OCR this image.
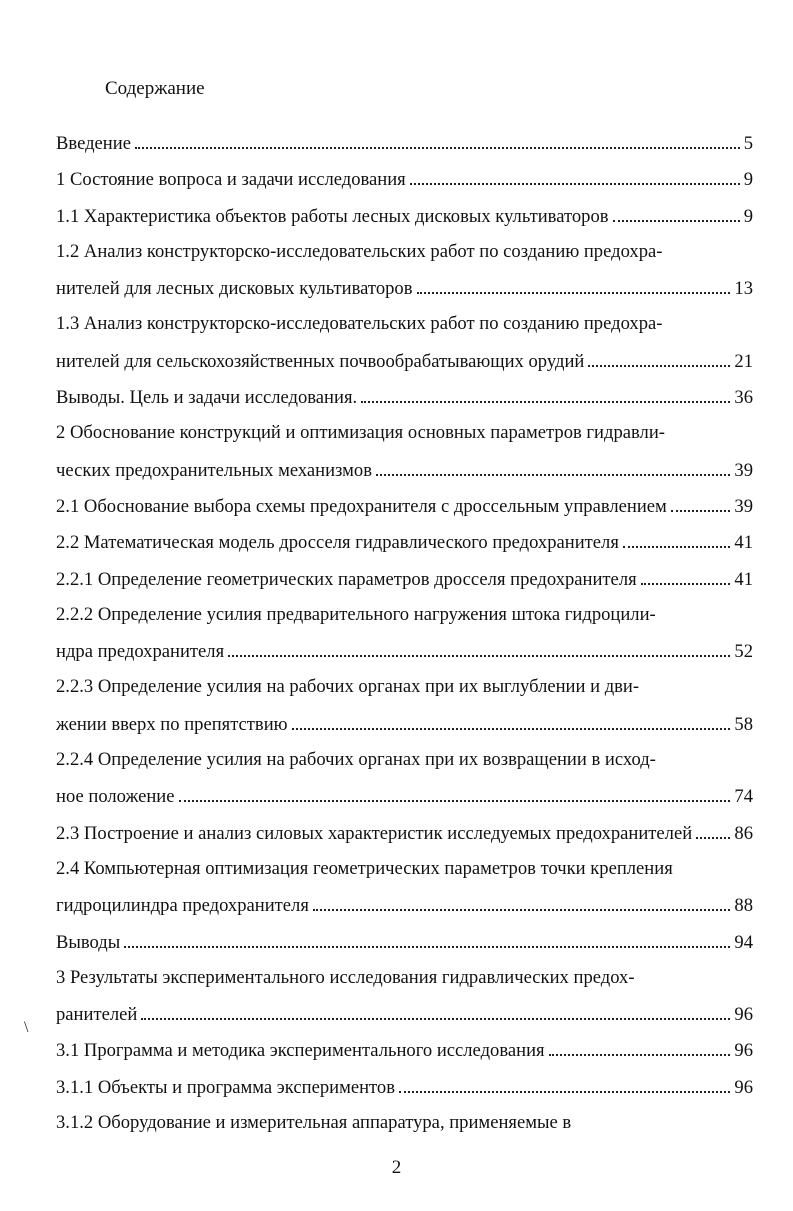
Содержание
Введение	5
1 Состояние вопроса и задачи исследования	9
1.1 Характеристика объектов работы лесных дисковых культиваторов	9
1.2 Анализ конструкторско-исследовательских работ по созданию предохра-
нителей для лесных дисковых культиваторов	13
1.3 Анализ конструкторско-исследовательских работ по созданию предохра-
нителей для сельскохозяйственных почвообрабатывающих орудий	21
Выводы. Цель и задачи исследования.	36
2 Обоснование конструкций и оптимизация основных параметров гидравли-
ческих предохранительных механизмов	39
2.1 Обоснование выбора схемы предохранителя с дроссельным управлением	39
2.2 Математическая модель дросселя гидравлического предохранителя	41
2.2.1 Определение геометрических параметров дросселя предохранителя	41
2.2.2 Определение усилия предварительного нагружения штока гидроцили-
ндра предохранителя	52
2.2.3 Определение усилия на рабочих органах при их выглублении и дви-
жении вверх по препятствию	58
2.2.4 Определение усилия на рабочих органах при их возвращении в исход-
ное положение	74
2.3 Построение и анализ силовых характеристик исследуемых предохранителей 86
2.4 Компьютерная оптимизация геометрических параметров точки крепления
гидроцилиндра предохранителя	88
Выводы	94
3 Результаты экспериментального исследования гидравлических предох-
ранителей	96
3.1 Программа и методика экспериментального исследования	96
3.1.1 Объекты и программа экспериментов	96
3.1.2 Оборудование и измерительная аппаратура, применяемые в
\
2
